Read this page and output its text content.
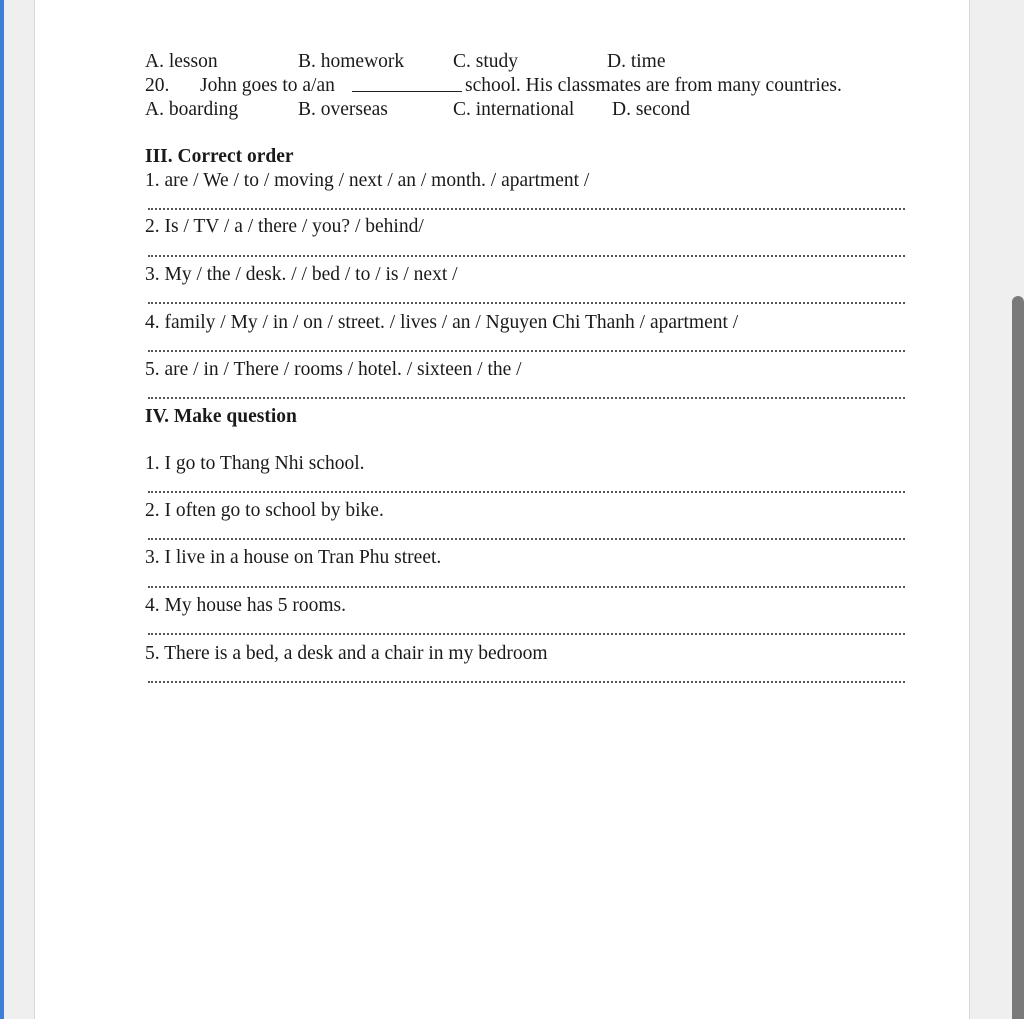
A. lesson	B. homework	C. study	D. time
20. John goes to a/an	school. His classmates are from many countries.
A. boarding	B. overseas	C. international D. second
III. Correct order
1. are / We / to / moving / next / an / month. / apartment /
2. Is / TV / a / there / you? / behind/
3. My / the / desk. / / bed / to / is / next /
4. family / My / in / on / street. / lives / an / Nguyen Chi Thanh / apartment /
5. are / in / There / rooms / hotel. / sixteen / the /
IV. Make question
1. I go to Thang Nhi school.
2. I often go to school by bike.
3. I live in a house on Tran Phu street.
4. My house has 5 rooms.
5. There is a bed, a desk and a chair in my bedroom
